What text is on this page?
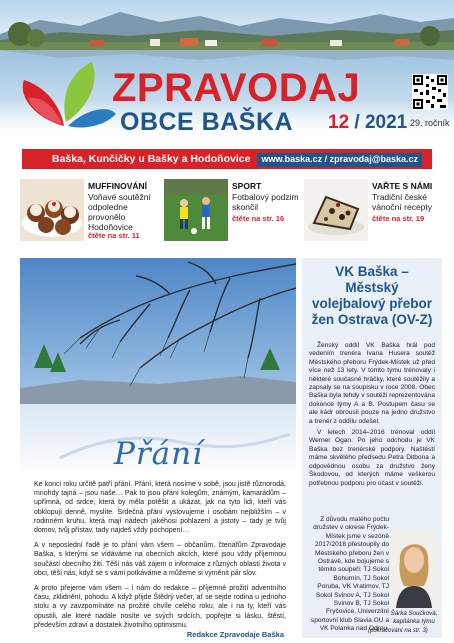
ZPRAVODAJ
OBCE BAŠKA 12 / 2021 29. ročník
Baška, Kunčičky u Bašky a Hodoňovice	www.baska.cz / zpravodaj@baska.cz
MUFFINOVÁNÍ
Voňavé soutěžní odpoledne provonělo Hodoňovice
čtěte na str. 11
SPORT
Fotbalový podzim skončil
čtěte na str. 16
VAŘTE S NÁMI
Tradiční české vánoční recepty
čtěte na str. 19
Přání

Ke konci roku určitě patří přání. Přání, která nosíme v sobě, jsou jistě různorodá, mnohdy tajná – jsou naše… Pak to jsou přání kolegům, známým, kamarádům – upřímná, od srdce, která by měla potěšit a ukázat, jak na tyto lidi, kteří vás obklopují denně, myslíte. Srdečná přání vyslovujeme i osobám nejbližším – v rodinném kruhu, která mají nádech jakéhosi pohlazení a jistoty – tady je tvůj domov, tvůj přístav, tady najdeš vždy pochopení…

A v neposlední řadě je to přání vám všem – občanům, čtenářům Zpravodaje Baška, s kterými se vídáváme na obecních akcích, které jsou vždy příjemnou součástí obecního žití. Těší nás váš zájem o informace z různých oblastí života v obci, těší nás, když se s vámi potkáváme a můžeme si vyměnit pár slov.

A proto přejeme vám všem – i nám do redakce – příjemné prožití adventního času, zklidnění, pohodu. A když přijde Štědrý večer, ať se sejde rodina u jednoho stolu a vy zavzpomínáte na prožité chvíle celého roku, ale i na ty, kteří vás opustili, ale které nadále nosíte ve svých srdcích, popřejte si lásku, štěstí, především zdraví a dostatek životního optimismu.

Redakce Zpravodaje Baška
VK Baška – Městský volejbalový přebor žen Ostrava (OV-Z)

Ženský oddíl VK Baška hrál pod vedením trenéra Ivana Husera soutěž Městského přeboru Frýdek-Místek už před více než 13 lety. V tomto týmu trénovaly i některé současné hráčky, které soutěžily a zapsaly se na soupisku v roce 2008. Obec Baška byla tehdy v soutěži reprezentována dokonce týmy A a B. Postupem času se ale kádr obrousil pouze na jedno družstvo a trenér z oddílu odešel.

V letech 2014–2016 trénoval oddíl Werner Ogan. Po jeho odchodu je VK Baška bez trenérské podpory. Naštěstí máme skvělého předsedu Petra Ditbona a odpovědnou osobu za družstvo ženy Škodovou, od kterých máme veškerou potřebnou podporu pro účast v soutěži.

Z důvodu malého počtu družstev v okrese Frýdek-Místek jsme v sezóně 2017/2018 přestoupily do Městského přeboru žen v Ostravě, kde bojujeme s těmito soupeři: TJ Sokol Bohumín, TJ Sokol Poruba, VK Vratimov, TJ Sokol Svinov A, TJ Sokol Svinov B, TJ Sokol Fryčovice, Univerzitní sportovní klub Slavia OU a VK Polanka nad Odrou.
Šárka Součková, kapitánka týmu
(pokračování na str. 3)
